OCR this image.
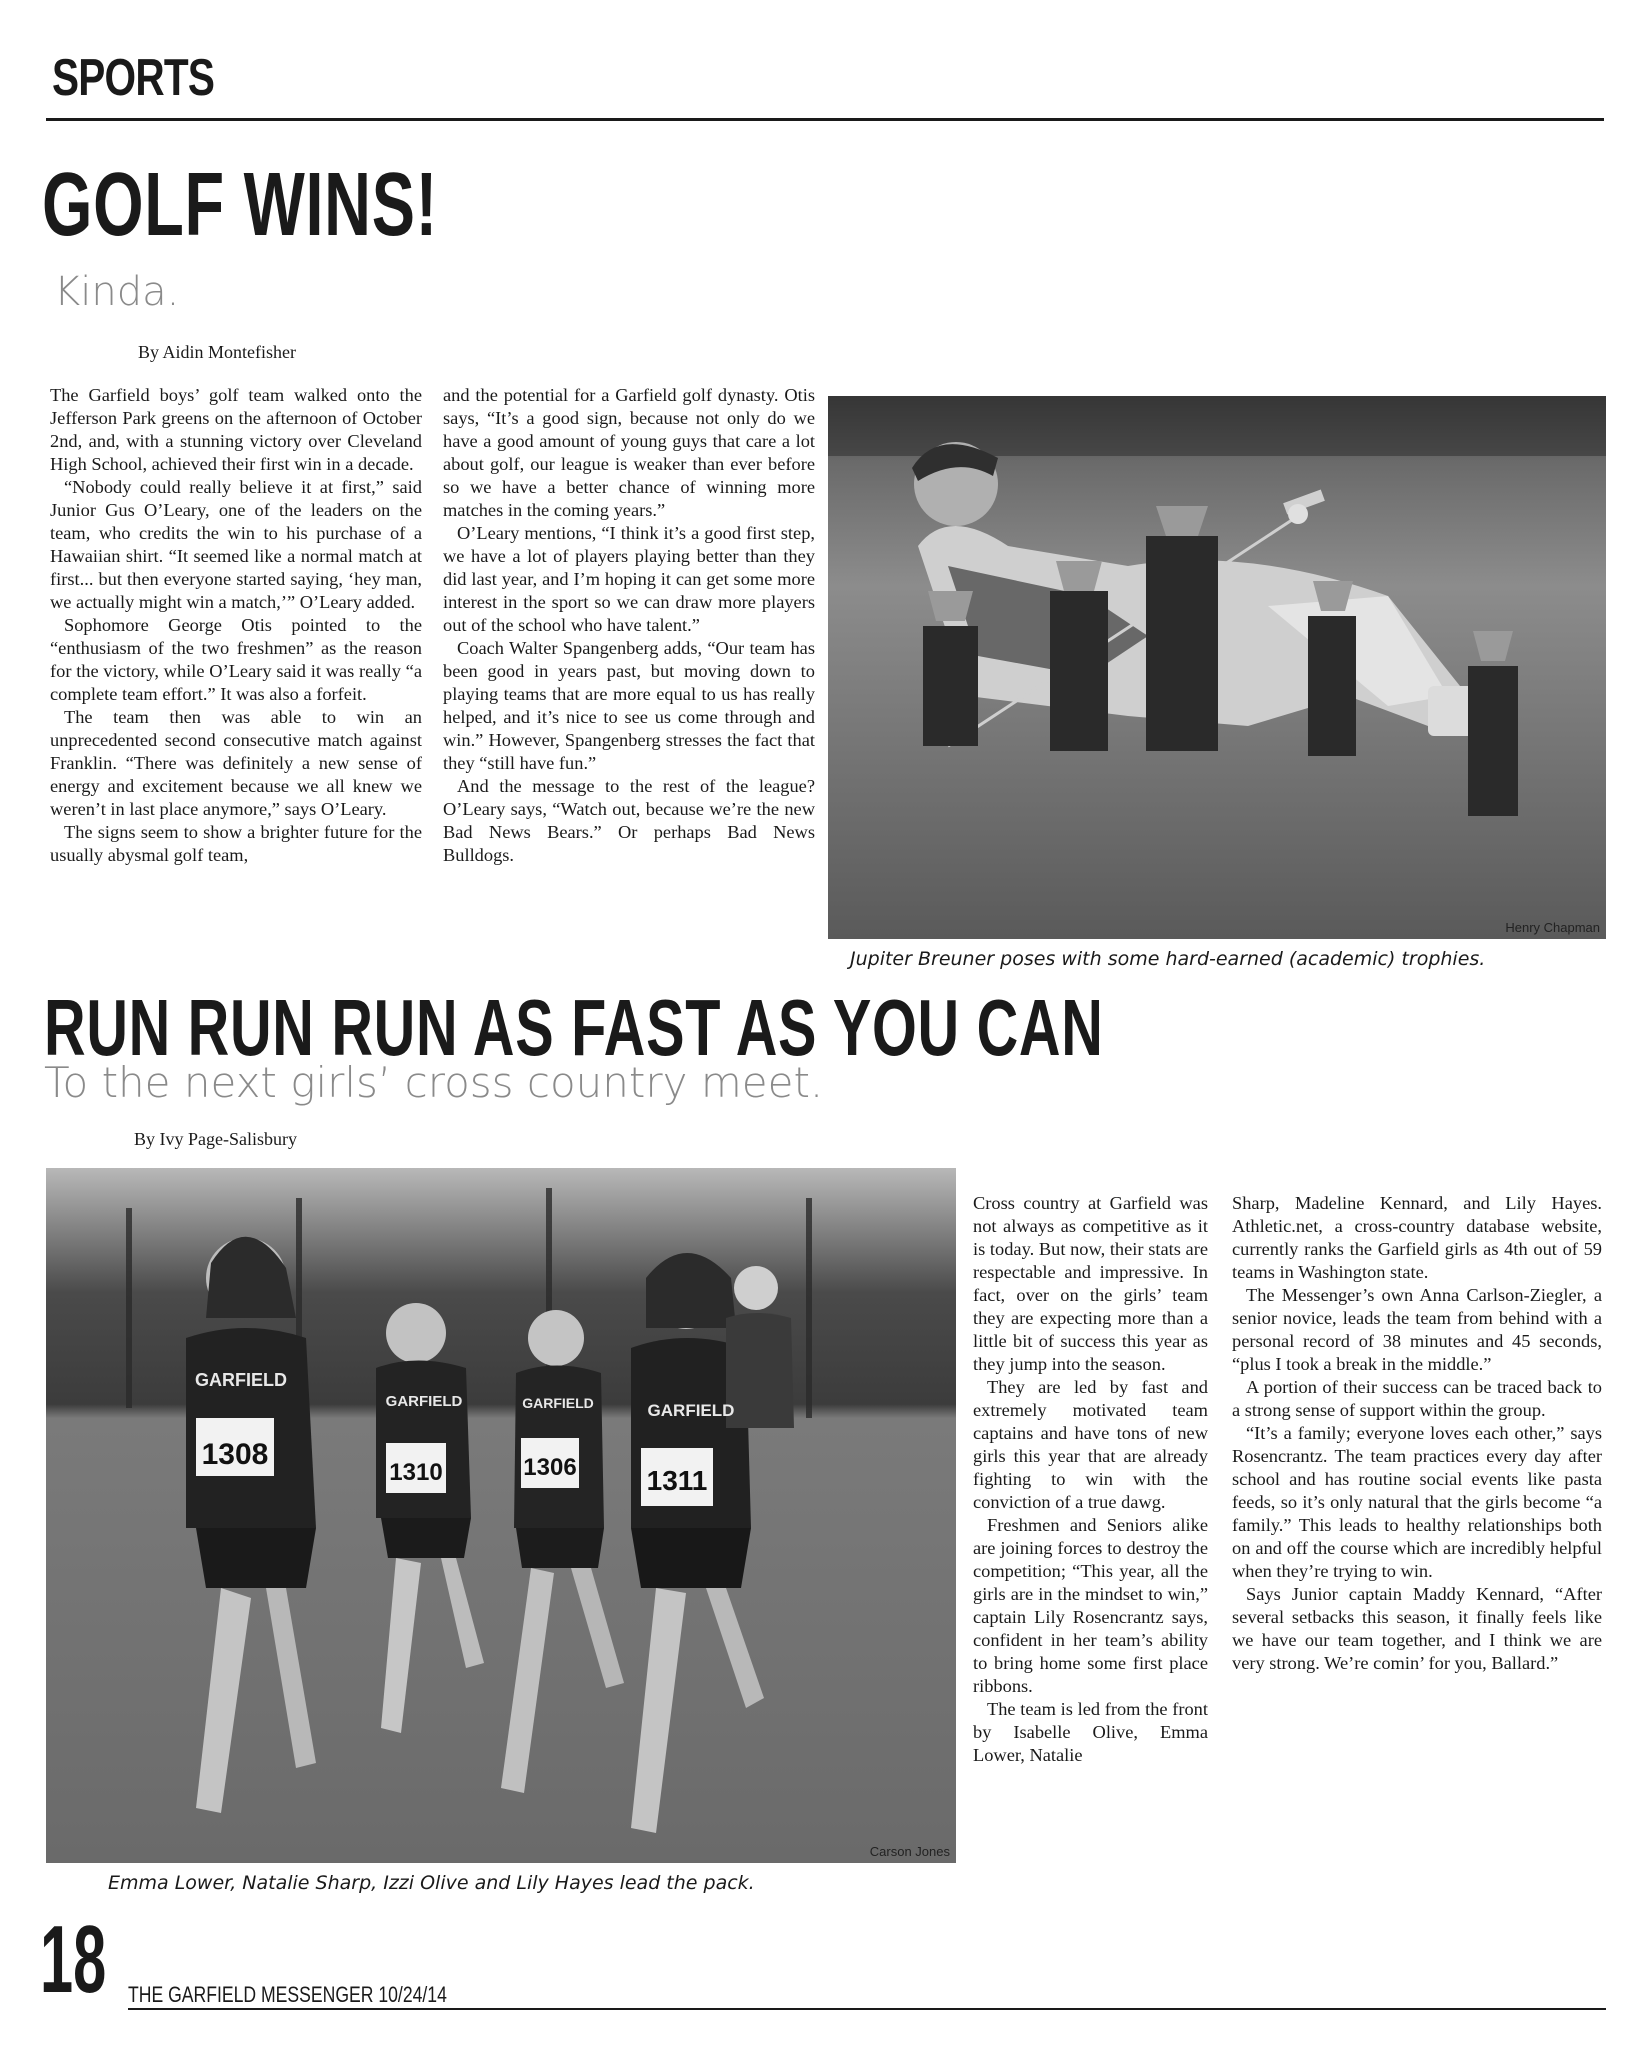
SPORTS
GOLF WINS!
Kinda.
By Aidin Montefisher

The Garfield boys’ golf team walked onto the Jefferson Park greens on the afternoon of October 2nd, and, with a stunning victory over Cleveland High School, achieved their first win in a decade.

“Nobody could really believe it at first,” said Junior Gus O’Leary, one of the leaders on the team, who credits the win to his purchase of a Hawaiian shirt. “It seemed like a normal match at first... but then everyone started saying, ‘hey man, we actually might win a match,’” O’Leary added.

Sophomore George Otis pointed to the “enthusiasm of the two freshmen” as the reason for the victory, while O’Leary said it was really “a complete team effort.” It was also a forfeit.

The team then was able to win an unprecedented second consecutive match against Franklin. “There was definitely a new sense of energy and excitement because we all knew we weren’t in last place anymore,” says O’Leary.

The signs seem to show a brighter future for the usually abysmal golf team,

and the potential for a Garfield golf dynasty. Otis says, “It’s a good sign, because not only do we have a good amount of young guys that care a lot about golf, our league is weaker than ever before so we have a better chance of winning more matches in the coming years.”

O’Leary mentions, “I think it’s a good first step, we have a lot of players playing better than they did last year, and I’m hoping it can get some more interest in the sport so we can draw more players out of the school who have talent.”

Coach Walter Spangenberg adds, “Our team has been good in years past, but moving down to playing teams that are more equal to us has really helped, and it’s nice to see us come through and win.” However, Spangenberg stresses the fact that they “still have fun.”

And the message to the rest of the league? O’Leary says, “Watch out, because we’re the new Bad News Bears.” Or perhaps Bad News Bulldogs.

Henry Chapman
Jupiter Breuner poses with some hard-earned (academic) trophies.
RUN RUN RUN AS FAST AS YOU CAN
To the next girls’ cross country meet.
By Ivy Page-Salisbury
GARFIELD
GARFIELD	GARFIELD	GARFIELD
1308
1310	1306 1311
Carson Jones
Emma Lower, Natalie Sharp, Izzi Olive and Lily Hayes lead the pack.

Cross country at Garfield was not always as competitive as it is today. But now, their stats are respectable and impressive. In fact, over on the girls’ team they are expecting more than a little bit of success this year as they jump into the season.

They are led by fast and extremely motivated team captains and have tons of new girls this year that are already fighting to win with the conviction of a true dawg.

Freshmen and Seniors alike are joining forces to destroy the competition; “This year, all the girls are in the mindset to win,” captain Lily Rosencrantz says, confident in her team’s ability to bring home some first place ribbons.

The team is led from the front by Isabelle Olive, Emma Lower, Natalie

Sharp, Madeline Kennard, and Lily Hayes. Athletic.net, a cross-country database website, currently ranks the Garfield girls as 4th out of 59 teams in Washington state.

The Messenger’s own Anna Carlson-Ziegler, a senior novice, leads the team from behind with a personal record of 38 minutes and 45 seconds, “plus I took a break in the middle.”

A portion of their success can be traced back to a strong sense of support within the group.

“It’s a family; everyone loves each other,” says Rosencrantz. The team practices every day after school and has routine social events like pasta feeds, so it’s only natural that the girls become “a family.” This leads to healthy relationships both on and off the course which are incredibly helpful when they’re trying to win.

Says Junior captain Maddy Kennard, “After several setbacks this season, it finally feels like we have our team together, and I think we are very strong. We’re comin’ for you, Ballard.”

18 THE GARFIELD MESSENGER 10/24/14
